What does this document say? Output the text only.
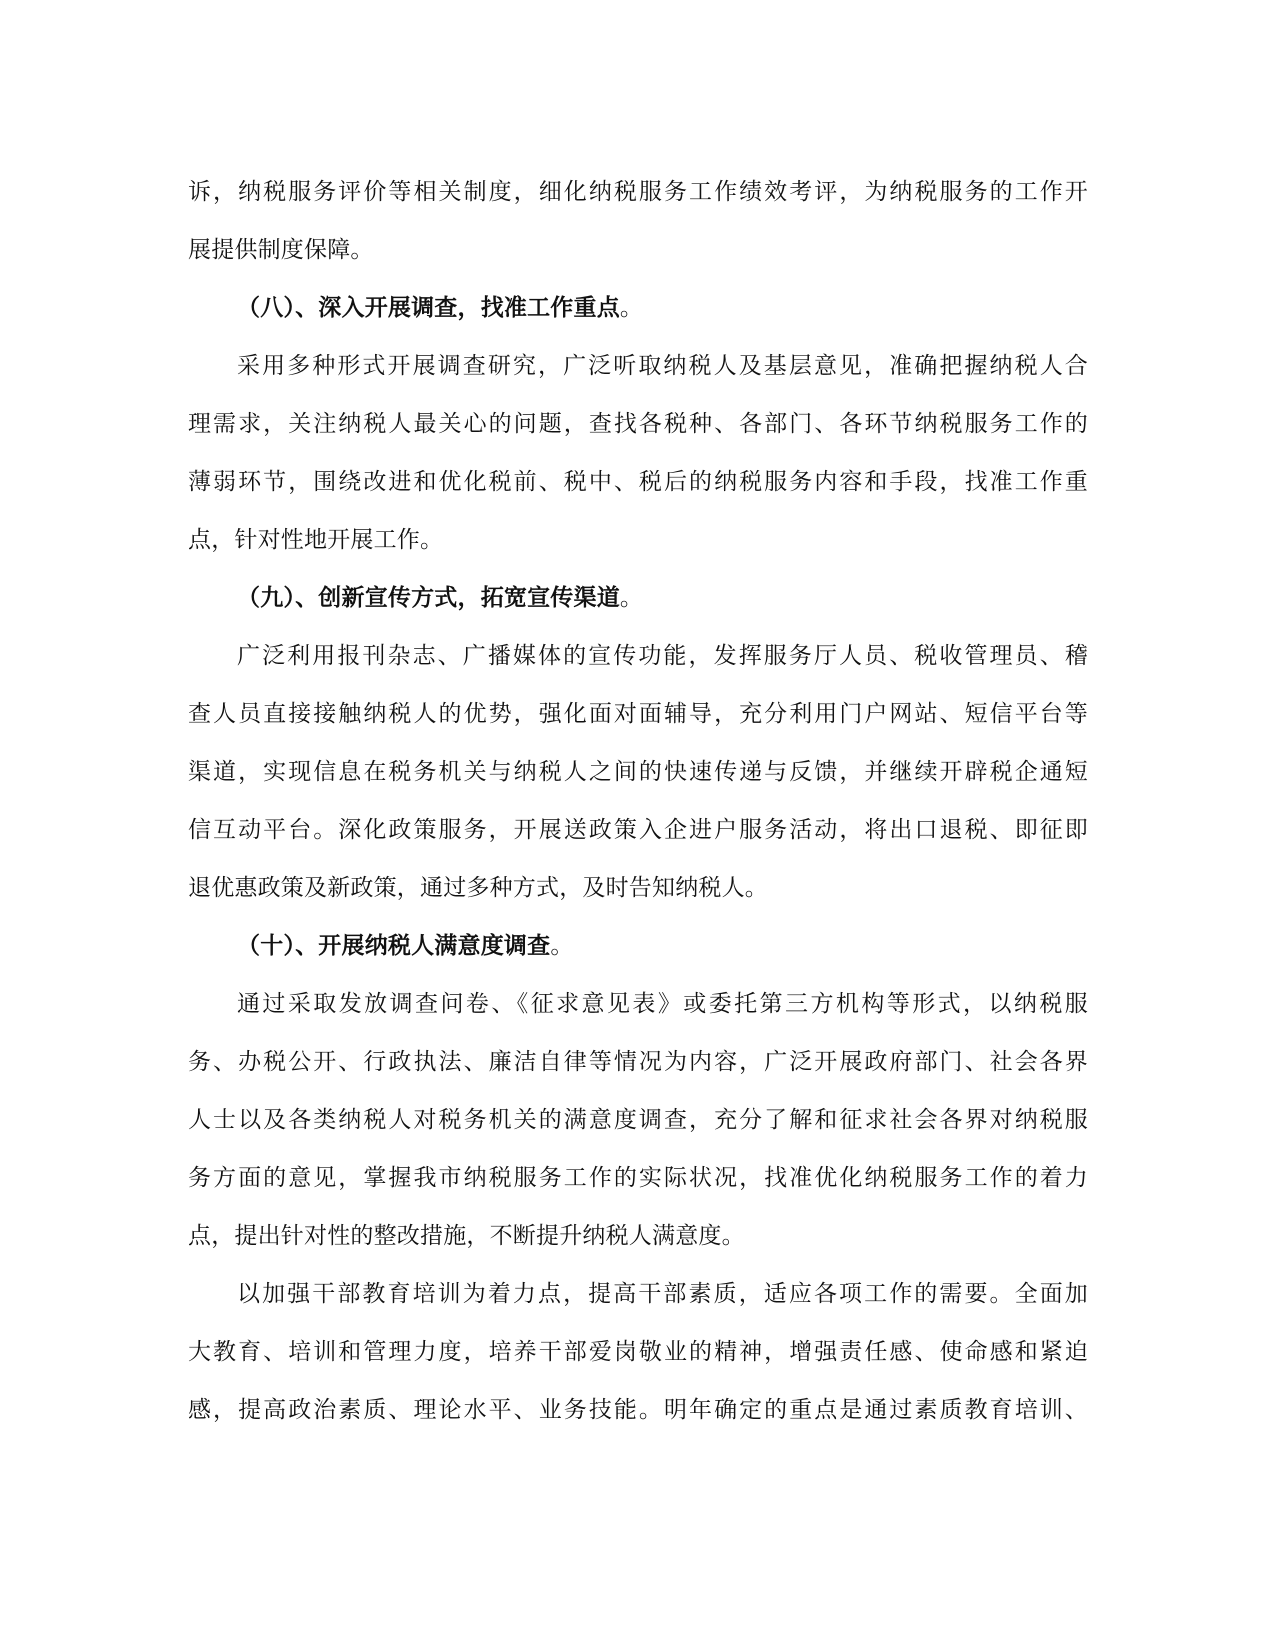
诉，纳税服务评价等相关制度，细化纳税服务工作绩效考评，为纳税服务的工作开
展提供制度保障。
（八）、深入开展调查，找准工作重点。
采用多种形式开展调查研究，广泛听取纳税人及基层意见，准确把握纳税人合
理需求，关注纳税人最关心的问题，查找各税种、各部门、各环节纳税服务工作的
薄弱环节，围绕改进和优化税前、税中、税后的纳税服务内容和手段，找准工作重
点，针对性地开展工作。
（九）、创新宣传方式，拓宽宣传渠道。
广泛利用报刊杂志、广播媒体的宣传功能，发挥服务厅人员、税收管理员、稽
查人员直接接触纳税人的优势，强化面对面辅导，充分利用门户网站、短信平台等
渠道，实现信息在税务机关与纳税人之间的快速传递与反馈，并继续开辟税企通短
信互动平台。深化政策服务，开展送政策入企进户服务活动，将出口退税、即征即
退优惠政策及新政策，通过多种方式，及时告知纳税人。
（十）、开展纳税人满意度调查。
通过采取发放调查问卷、《征求意见表》或委托第三方机构等形式，以纳税服
务、办税公开、行政执法、廉洁自律等情况为内容，广泛开展政府部门、社会各界
人士以及各类纳税人对税务机关的满意度调查，充分了解和征求社会各界对纳税服
务方面的意见，掌握我市纳税服务工作的实际状况，找准优化纳税服务工作的着力
点，提出针对性的整改措施，不断提升纳税人满意度。
以加强干部教育培训为着力点，提高干部素质，适应各项工作的需要。全面加
大教育、培训和管理力度，培养干部爱岗敬业的精神，增强责任感、使命感和紧迫
感，提高政治素质、理论水平、业务技能。明年确定的重点是通过素质教育培训、
